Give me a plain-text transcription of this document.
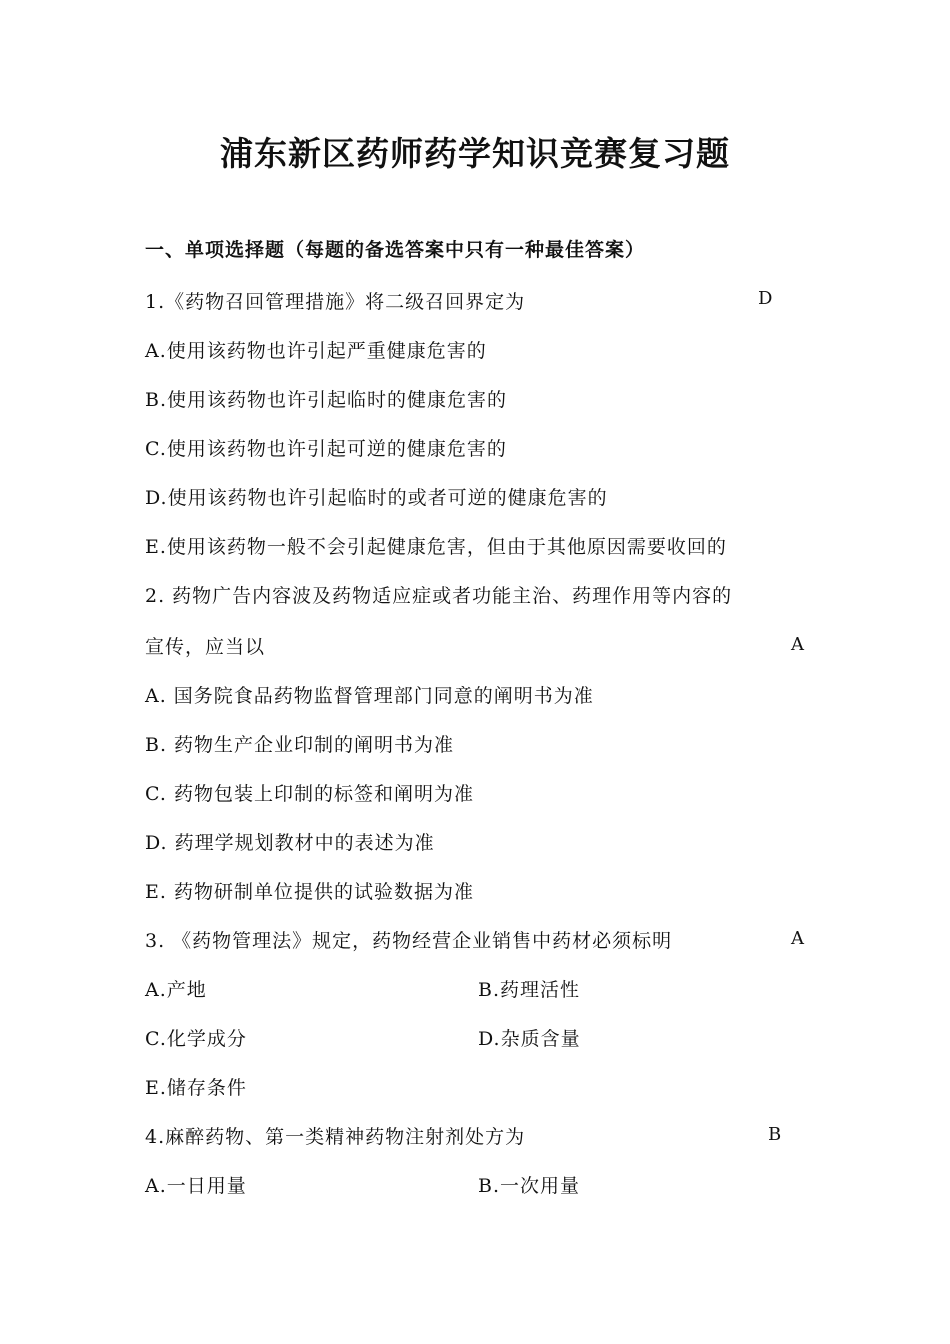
浦东新区药师药学知识竞赛复习题
一、单项选择题（每题的备选答案中只有一种最佳答案）
1.《药物召回管理措施》将二级召回界定为	D
A.使用该药物也许引起严重健康危害的
B.使用该药物也许引起临时的健康危害的
C.使用该药物也许引起可逆的健康危害的
D.使用该药物也许引起临时的或者可逆的健康危害的
E.使用该药物一般不会引起健康危害，但由于其他原因需要收回的
2. 药物广告内容波及药物适应症或者功能主治、药理作用等内容的
宣传，应当以	A
A. 国务院食品药物监督管理部门同意的阐明书为准
B. 药物生产企业印制的阐明书为准
C. 药物包装上印制的标签和阐明为准
D. 药理学规划教材中的表述为准
E. 药物研制单位提供的试验数据为准
3. 《药物管理法》规定，药物经营企业销售中药材必须标明	A
A.产地	B.药理活性
C.化学成分	D.杂质含量
E.储存条件
4.麻醉药物、第一类精神药物注射剂处方为	B
A.一日用量	B.一次用量
